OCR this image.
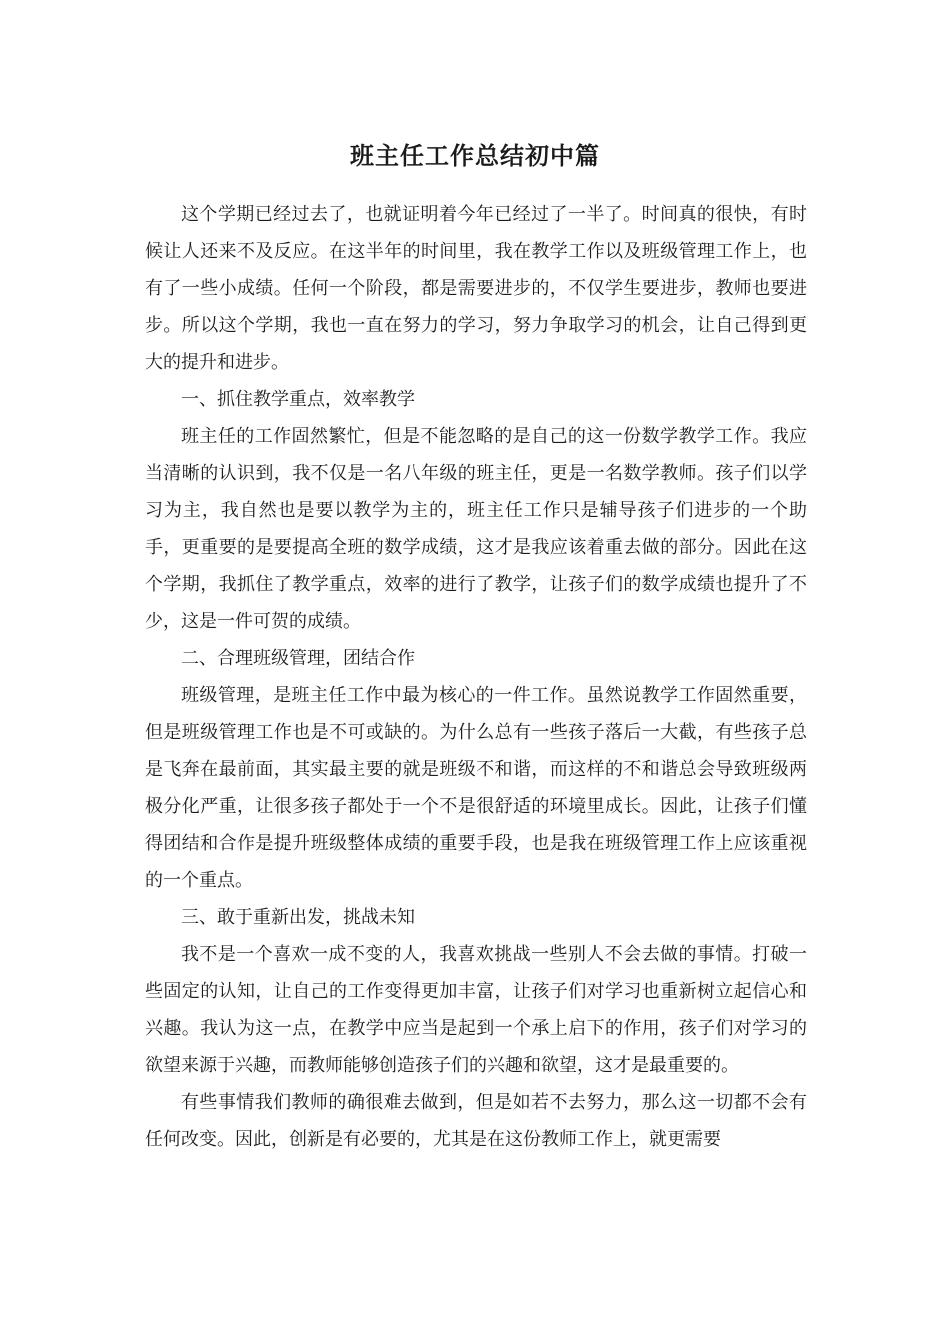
班主任工作总结初中篇

这个学期已经过去了，也就证明着今年已经过了一半了。时间真的很快，有时候让人还来不及反应。在这半年的时间里，我在教学工作以及班级管理工作上，也有了一些小成绩。任何一个阶段，都是需要进步的，不仅学生要进步，教师也要进步。所以这个学期，我也一直在努力的学习，努力争取学习的机会，让自己得到更大的提升和进步。

一、抓住教学重点，效率教学

班主任的工作固然繁忙，但是不能忽略的是自己的这一份数学教学工作。我应当清晰的认识到，我不仅是一名八年级的班主任，更是一名数学教师。孩子们以学习为主，我自然也是要以教学为主的，班主任工作只是辅导孩子们进步的一个助手，更重要的是要提高全班的数学成绩，这才是我应该着重去做的部分。因此在这个学期，我抓住了教学重点，效率的进行了教学，让孩子们的数学成绩也提升了不少，这是一件可贺的成绩。

二、合理班级管理，团结合作

班级管理，是班主任工作中最为核心的一件工作。虽然说教学工作固然重要，但是班级管理工作也是不可或缺的。为什么总有一些孩子落后一大截，有些孩子总是飞奔在最前面，其实最主要的就是班级不和谐，而这样的不和谐总会导致班级两极分化严重，让很多孩子都处于一个不是很舒适的环境里成长。因此，让孩子们懂得团结和合作是提升班级整体成绩的重要手段，也是我在班级管理工作上应该重视的一个重点。

三、敢于重新出发，挑战未知

我不是一个喜欢一成不变的人，我喜欢挑战一些别人不会去做的事情。打破一些固定的认知，让自己的工作变得更加丰富，让孩子们对学习也重新树立起信心和兴趣。我认为这一点，在教学中应当是起到一个承上启下的作用，孩子们对学习的欲望来源于兴趣，而教师能够创造孩子们的兴趣和欲望，这才是最重要的。

有些事情我们教师的确很难去做到，但是如若不去努力，那么这一切都不会有任何改变。因此，创新是有必要的，尤其是在这份教师工作上，就更需要
